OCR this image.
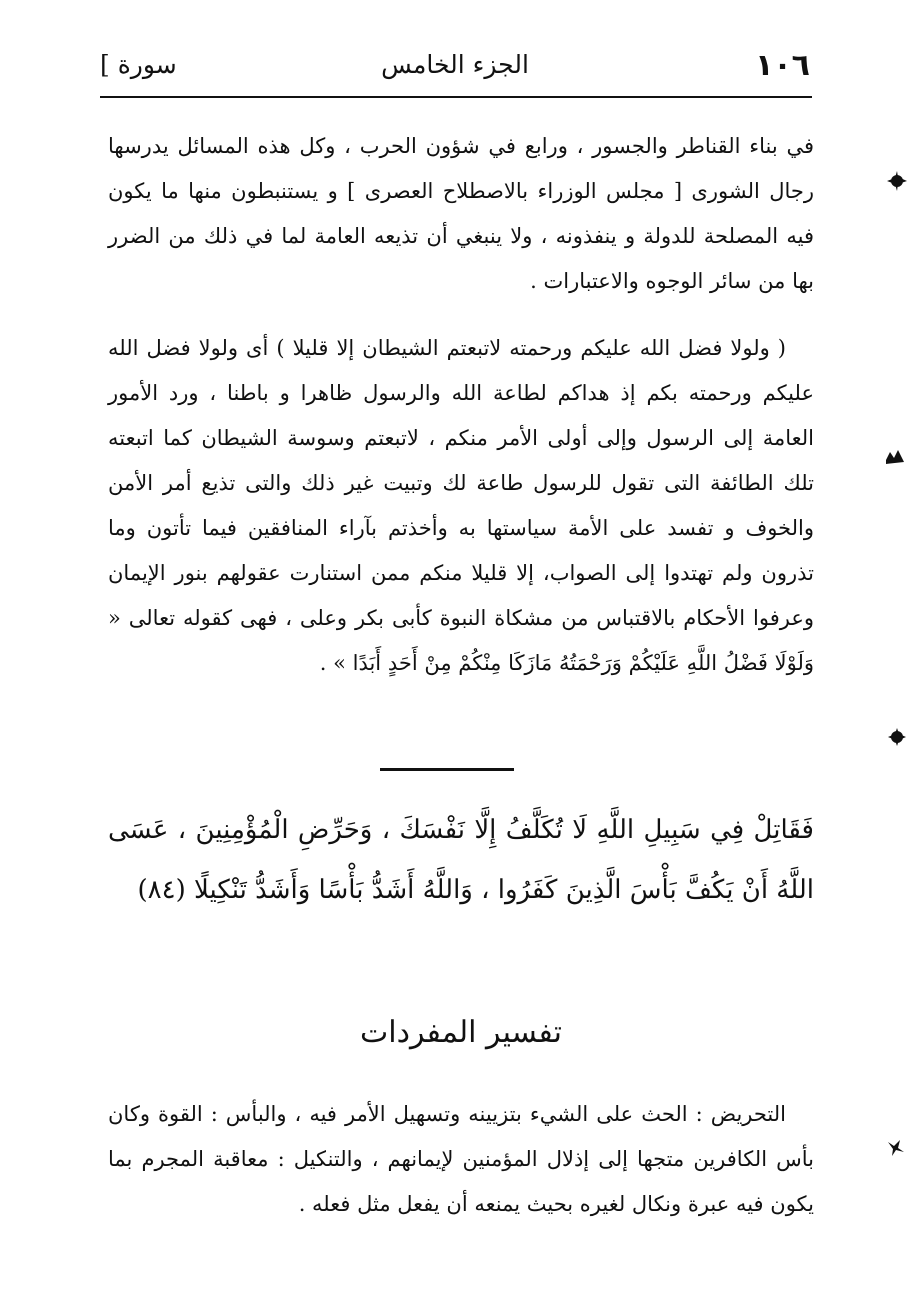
١٠٦
الجزء الخامس
سورة ]
في بناء القناطر والجسور ، ورابع في شؤون الحرب ، وكل هذه المسائل يدرسها رجال الشورى [ مجلس الوزراء بالاصطلاح العصرى ] و يستنبطون منها ما يكون فيه المصلحة للدولة و ينفذونه ، ولا ينبغي أن تذيعه العامة لما في ذلك من الضرر بها من سائر الوجوه والاعتبارات .
( ولولا فضل الله عليكم ورحمته لاتبعتم الشيطان إلا قليلا ) أى ولولا فضل الله عليكم ورحمته بكم إذ هداكم لطاعة الله والرسول ظاهرا و باطنا ، ورد الأمور العامة إلى الرسول وإلى أولى الأمر منكم ، لاتبعتم وسوسة الشيطان كما اتبعته تلك الطائفة التى تقول للرسول طاعة لك وتبيت غير ذلك والتى تذيع أمر الأمن والخوف و تفسد على الأمة سياستها به وأخذتم بآراء المنافقين فيما تأتون وما تذرون ولم تهتدوا إلى الصواب، إلا قليلا منكم ممن استنارت عقولهم بنور الإيمان وعرفوا الأحكام بالاقتباس من مشكاة النبوة كأبى بكر وعلى ، فهى كقوله تعالى « وَلَوْلَا فَضْلُ اللَّهِ عَلَيْكُمْ وَرَحْمَتُهُ مَازَكَا مِنْكُمْ مِنْ أَحَدٍ أَبَدًا » .
فَقَاتِلْ فِي سَبِيلِ اللَّهِ لَا تُكَلَّفُ إِلَّا نَفْسَكَ ، وَحَرِّضِ الْمُؤْمِنِينَ ، عَسَى اللَّهُ أَنْ يَكُفَّ بَأْسَ الَّذِينَ كَفَرُوا ، وَاللَّهُ أَشَدُّ بَأْسًا وَأَشَدُّ تَنْكِيلًا (٨٤)
تفسير المفردات
التحريض : الحث على الشيء بتزيينه وتسهيل الأمر فيه ، والبأس : القوة وكان بأس الكافرين متجها إلى إذلال المؤمنين لإيمانهم ، والتنكيل : معاقبة المجرم بما يكون فيه عبرة ونكال لغيره بحيث يمنعه أن يفعل مثل فعله .
